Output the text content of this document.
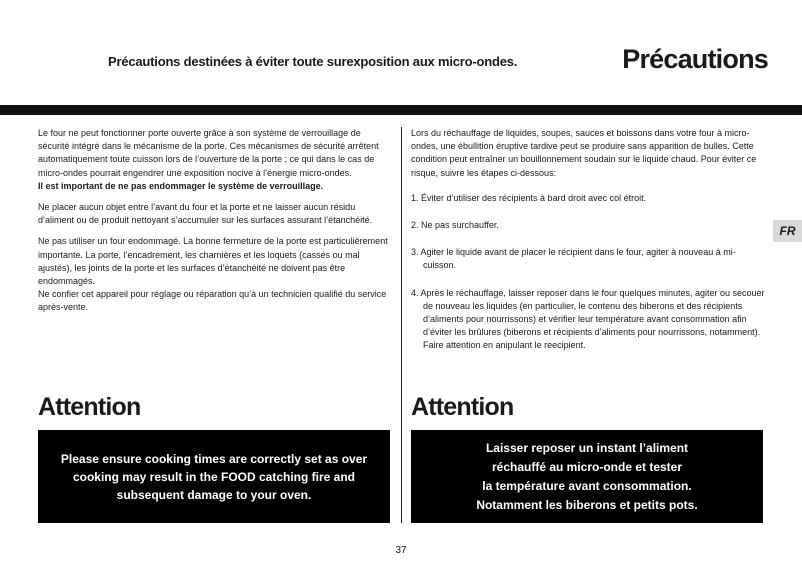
Précautions destinées à éviter toute surexposition aux micro-ondes.	Précautions

Le four ne peut fonctionner porte ouverte grâce à son système de verrouillage de sécurité intégré dans le mécanisme de la porte. Ces mécanismes de sécurité arrêtent automatiquement toute cuisson lors de l’ouverture de la porte ; ce qui dans le cas de micro-ondes pourrait engendrer une exposition nocive à l’énergie micro-ondes.
Il est important de ne pas endommager le système de verrouillage.

Ne placer aucun objet entre l’avant du four et la porte et ne laisser aucun résidu d’aliment ou de produit nettoyant s’accumuler sur les surfaces assurant l’étanchéité.

Ne pas utiliser un four endommagé. La bonne fermeture de la porte est particulièrement importante. La porte, l’encadrement, les charnières et les loquets (cassés ou mal ajustés), les joints de la porte et les surfaces d’étanchéité ne doivent pas être endommagés.

Ne confier cet appareil pour réglage ou réparation qu’à un technicien qualifié du service après-vente.

Lors du réchauffage de liquides, soupes, sauces et boissons dans votre four à micro-ondes, une ébullition éruptive tardive peut se produire sans apparition de bulles. Cette condition peut entraîner un bouillonnement soudain sur le liquide chaud. Pour éviter ce risque, suivre les étapes ci-dessous:

1. Éviter d’utiliser des récipients à bard droit avec col étroit.
2. Ne pas surchauffer.
3. Agiter le liquide avant de placer le récipient dans le four, agiter à nouveau à mi-cuisson.
4. Après le réchauffage, laisser reposer dans le four quelques minutes, agiter ou secouer de nouveau les liquides (en particulier, le contenu des biberons et des récipients d’aliments pour nourrissons) et vérifier leur température avant consommation afin d’éviter les brûlures (biberons et récipients d’aliments pour nourrissons, notamment). Faire attention en anipulant le reecipient.
Attention	Attention
Please ensure cooking times are correctly set as over cooking may result in the FOOD catching fire and subsequent damage to your oven.
Laisser reposer un instant l’aliment
réchauffé au micro-onde et tester
la température avant consommation.
Notamment les biberons et petits pots.
FR
37
